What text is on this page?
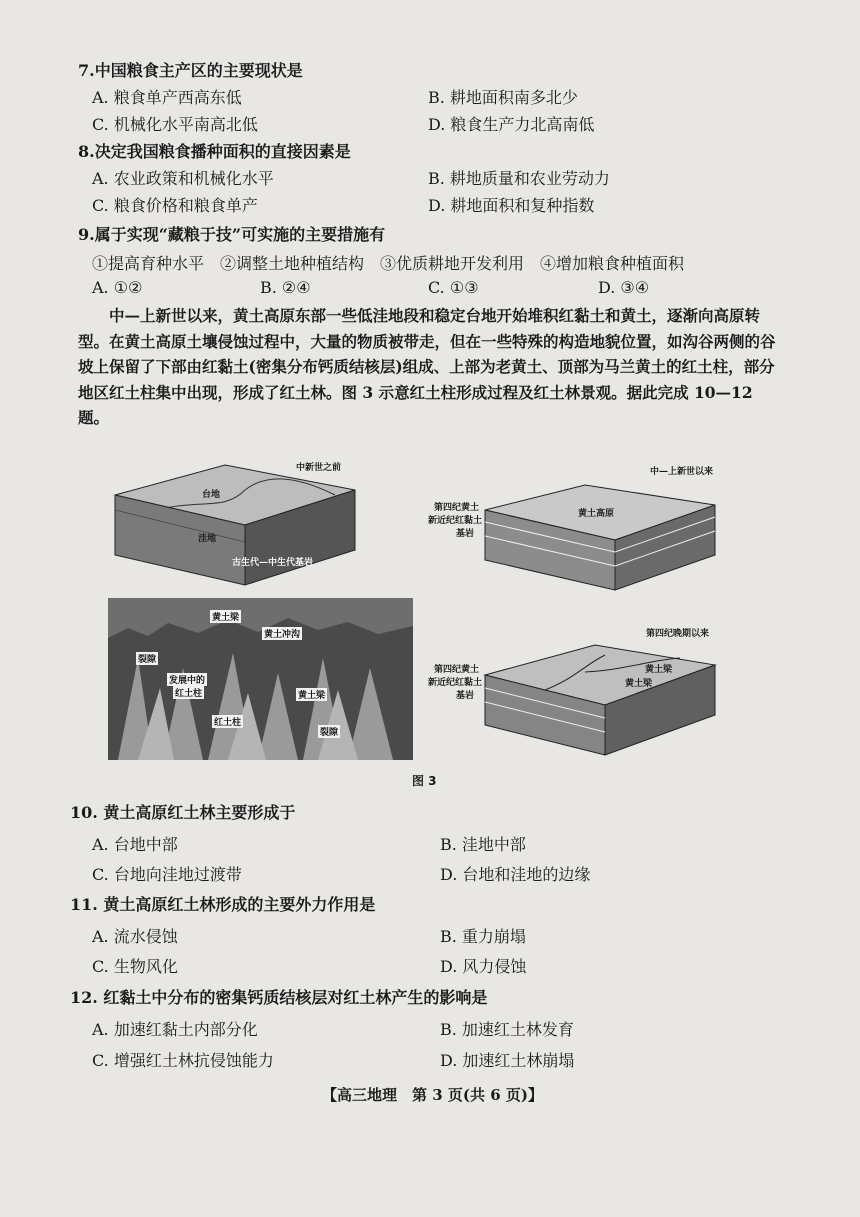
7.中国粮食主产区的主要现状是
A. 粮食单产西高东低	B. 耕地面积南多北少
C. 机械化水平南高北低	D. 粮食生产力北高南低
8.决定我国粮食播种面积的直接因素是
A. 农业政策和机械化水平	B. 耕地质量和农业劳动力
C. 粮食价格和粮食单产	D. 耕地面积和复种指数
9.属于实现“藏粮于技”可实施的主要措施有
①提高育种水平　②调整土地种植结构　③优质耕地开发利用　④增加粮食种植面积
A. ①②	B. ②④	C. ①③	D. ③④
中—上新世以来，黄土高原东部一些低洼地段和稳定台地开始堆积红黏土和黄土，逐渐向高原转型。在黄土高原土壤侵蚀过程中，大量的物质被带走，但在一些特殊的构造地貌位置，如沟谷两侧的谷坡上保留了下部由红黏土(密集分布钙质结核层)组成、上部为老黄土、顶部为马兰黄土的红土柱，部分地区红土柱集中出现，形成了红土林。图 3 示意红土柱形成过程及红土林景观。据此完成 10—12 题。
中新世之前
台地
洼地
古生代—中生代基岩
中—上新世以来
黄土高原
第四纪黄土
新近纪红黏土
基岩
第四纪晚期以来
黄土梁
黄土梁
第四纪黄土
新近纪红黏土
基岩
黄土梁
黄土冲沟
裂隙
发展中的
红土柱	黄土梁
红土柱
裂隙
图 3
10. 黄土高原红土林主要形成于
A. 台地中部	B. 洼地中部
C. 台地向洼地过渡带	D. 台地和洼地的边缘
11. 黄土高原红土林形成的主要外力作用是
A. 流水侵蚀	B. 重力崩塌
C. 生物风化	D. 风力侵蚀
12. 红黏土中分布的密集钙质结核层对红土林产生的影响是
A. 加速红黏土内部分化	B. 加速红土林发育
C. 增强红土林抗侵蚀能力	D. 加速红土林崩塌
【高三地理　第 3 页(共 6 页)】
